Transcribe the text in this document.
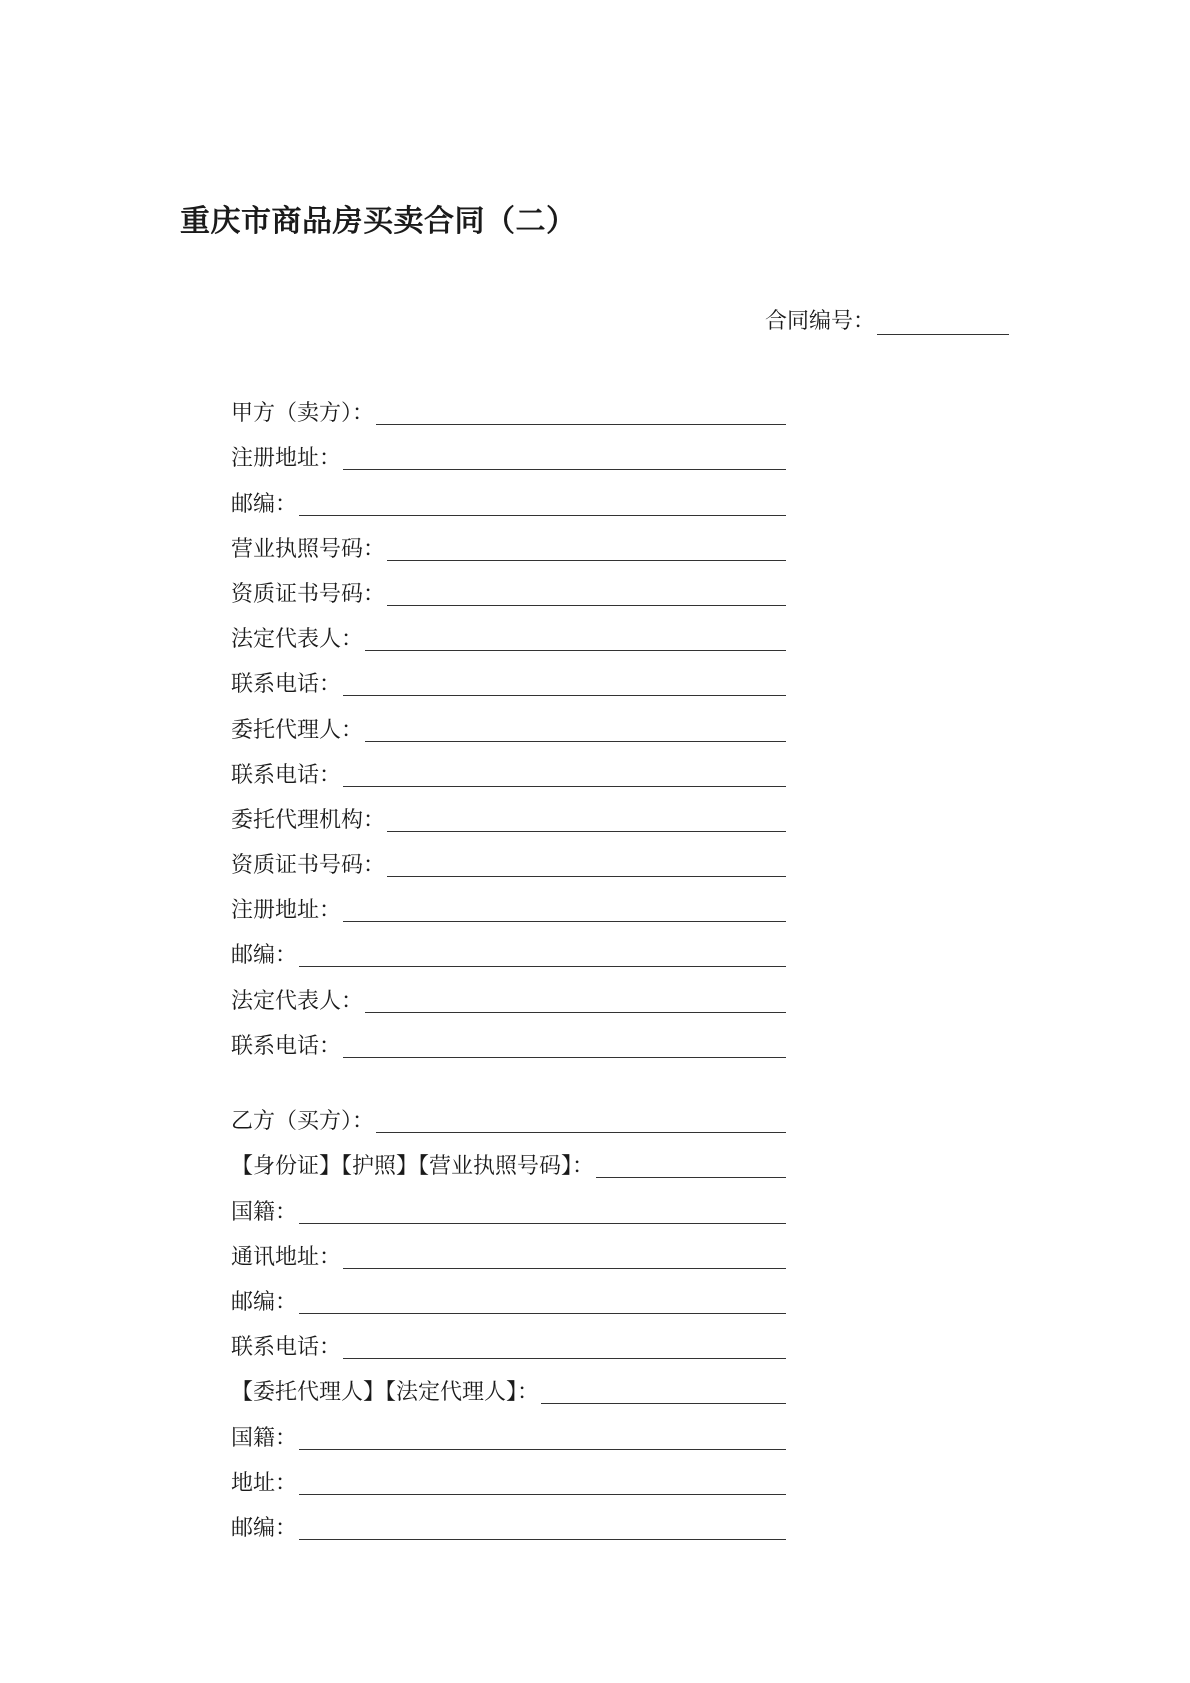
重庆市商品房买卖合同（二）
合同编号：
甲方（卖方）：
注册地址：
邮编：
营业执照号码：
资质证书号码：
法定代表人：
联系电话：
委托代理人：
联系电话：
委托代理机构：
资质证书号码：
注册地址：
邮编：
法定代表人：
联系电话：
乙方（买方）：
【身份证】【护照】【营业执照号码】：
国籍：
通讯地址：
邮编：
联系电话：
【委托代理人】【法定代理人】：
国籍：
地址：
邮编：
